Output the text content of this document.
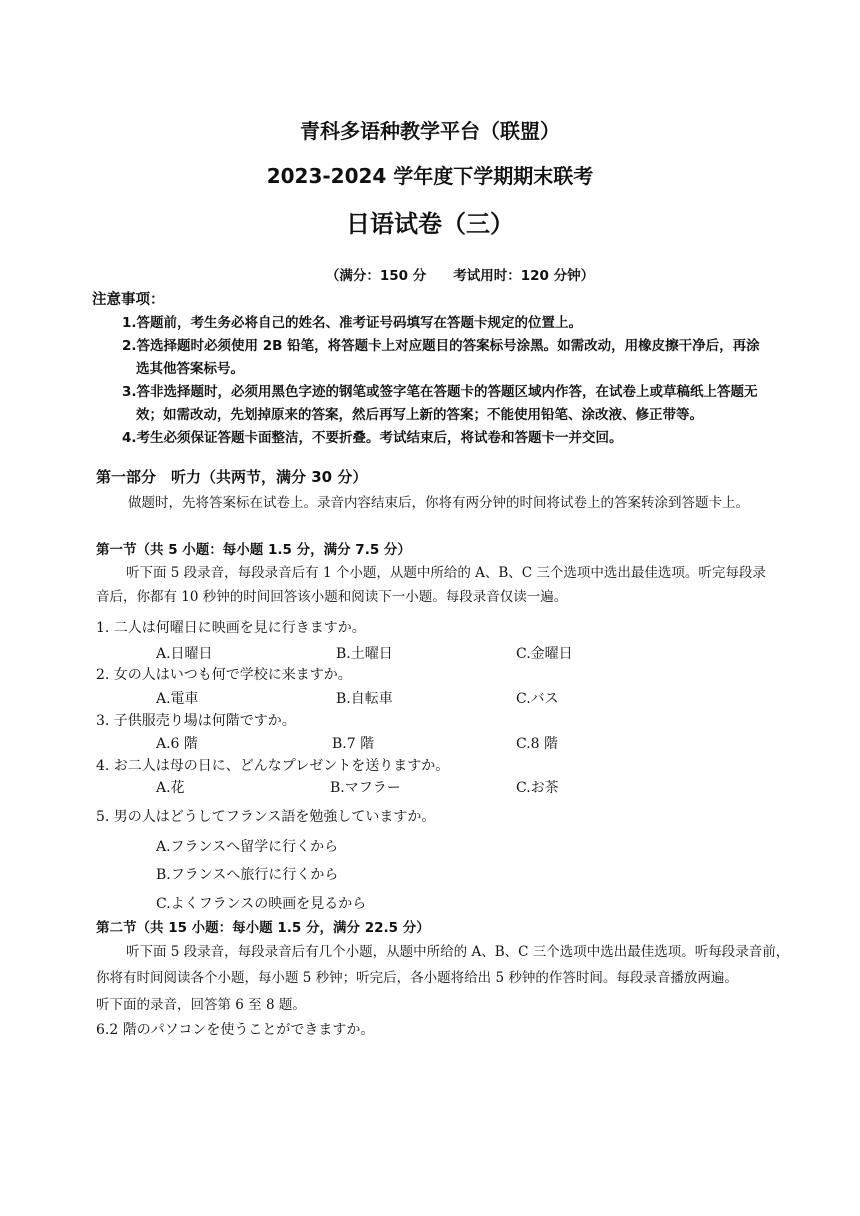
青科多语种教学平台（联盟）
2023-2024 学年度下学期期末联考
日语试卷（三）
（满分：150 分　　考试用时：120 分钟）
注意事项：
1.答题前，考生务必将自己的姓名、准考证号码填写在答题卡规定的位置上。
2.答选择题时必须使用 2B 铅笔，将答题卡上对应题目的答案标号涂黑。如需改动，用橡皮擦干净后，再涂
选其他答案标号。
3.答非选择题时，必须用黑色字迹的钢笔或签字笔在答题卡的答题区域内作答，在试卷上或草稿纸上答题无
效；如需改动，先划掉原来的答案，然后再写上新的答案；不能使用铅笔、涂改液、修正带等。
4.考生必须保证答题卡面整洁，不要折叠。考试结束后，将试卷和答题卡一并交回。
第一部分　听力（共两节，满分 30 分）
做题时，先将答案标在试卷上。录音内容结束后，你将有两分钟的时间将试卷上的答案转涂到答题卡上。
第一节（共 5 小题：每小题 1.5 分，满分 7.5 分）
听下面 5 段录音，每段录音后有 1 个小题，从题中所给的 A、B、C 三个选项中选出最佳选项。听完每段录
音后，你都有 10 秒钟的时间回答该小题和阅读下一小题。每段录音仅读一遍。
1. 二人は何曜日に映画を見に行きますか。
A.日曜日	B.土曜日	C.金曜日
2. 女の人はいつも何で学校に来ますか。
A.電車	B.自転車	C.バス
3. 子供服売り場は何階ですか。
A.6 階	B.7 階	C.8 階
4. お二人は母の日に、どんなプレゼントを送りますか。
A.花	B.マフラー	C.お茶
5. 男の人はどうしてフランス語を勉強していますか。
A.フランスへ留学に行くから
B.フランスへ旅行に行くから
C.よくフランスの映画を見るから
第二节（共 15 小题：每小题 1.5 分，满分 22.5 分）
听下面 5 段录音，每段录音后有几个小题，从题中所给的 A、B、C 三个选项中选出最佳选项。听每段录音前，
你将有时间阅读各个小题，每小题 5 秒钟；听完后，各小题将给出 5 秒钟的作答时间。每段录音播放两遍。
听下面的录音，回答第 6 至 8 题。
6.2 階のパソコンを使うことができますか。
